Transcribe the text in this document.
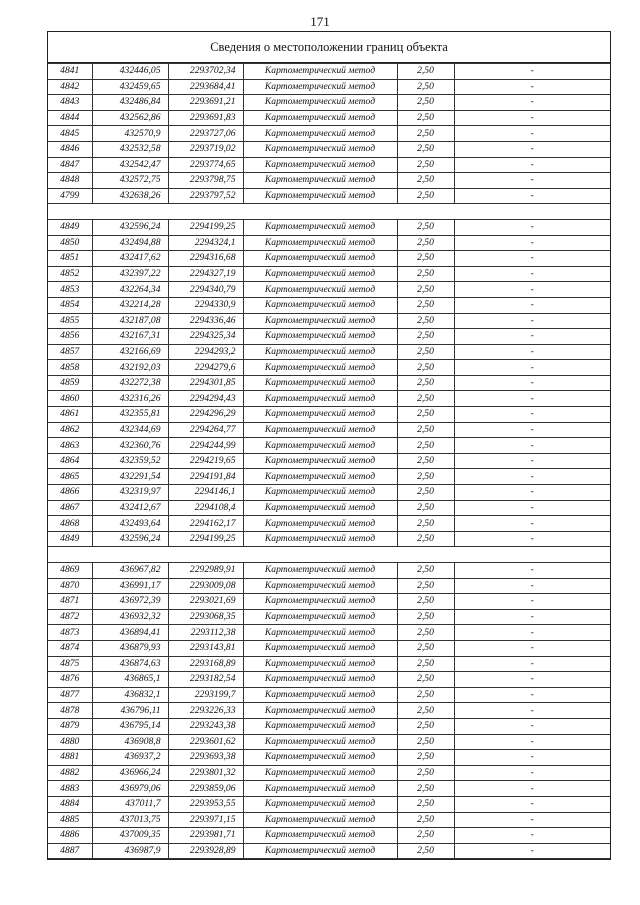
171
Сведения о местоположении границ объекта
4841	432446,05	2293702,34	Картометрический метод	2,50	-
4842	432459,65	2293684,41	Картометрический метод	2,50	-
4843	432486,84	2293691,21	Картометрический метод	2,50	-
4844	432562,86	2293691,83	Картометрический метод	2,50	-
4845	432570,9	2293727,06	Картометрический метод	2,50	-
4846	432532,58	2293719,02	Картометрический метод	2,50	-
4847	432542,47	2293774,65	Картометрический метод	2,50	-
4848	432572,75	2293798,75	Картометрический метод	2,50	-
4799	432638,26	2293797,52	Картометрический метод	2,50	-

4849	432596,24	2294199,25	Картометрический метод	2,50	-
4850	432494,88	2294324,1	Картометрический метод	2,50	-
4851	432417,62	2294316,68	Картометрический метод	2,50	-
4852	432397,22	2294327,19	Картометрический метод	2,50	-
4853	432264,34	2294340,79	Картометрический метод	2,50	-
4854	432214,28	2294330,9	Картометрический метод	2,50	-
4855	432187,08	2294336,46	Картометрический метод	2,50	-
4856	432167,31	2294325,34	Картометрический метод	2,50	-
4857	432166,69	2294293,2	Картометрический метод	2,50	-
4858	432192,03	2294279,6	Картометрический метод	2,50	-
4859	432272,38	2294301,85	Картометрический метод	2,50	-
4860	432316,26	2294294,43	Картометрический метод	2,50	-
4861	432355,81	2294296,29	Картометрический метод	2,50	-
4862	432344,69	2294264,77	Картометрический метод	2,50	-
4863	432360,76	2294244,99	Картометрический метод	2,50	-
4864	432359,52	2294219,65	Картометрический метод	2,50	-
4865	432291,54	2294191,84	Картометрический метод	2,50	-
4866	432319,97	2294146,1	Картометрический метод	2,50	-
4867	432412,67	2294108,4	Картометрический метод	2,50	-
4868	432493,64	2294162,17	Картометрический метод	2,50	-
4849	432596,24	2294199,25	Картометрический метод	2,50	-

4869	436967,82	2292989,91	Картометрический метод	2,50	-
4870	436991,17	2293009,08	Картометрический метод	2,50	-
4871	436972,39	2293021,69	Картометрический метод	2,50	-
4872	436932,32	2293068,35	Картометрический метод	2,50	-
4873	436894,41	2293112,38	Картометрический метод	2,50	-
4874	436879,93	2293143,81	Картометрический метод	2,50	-
4875	436874,63	2293168,89	Картометрический метод	2,50	-
4876	436865,1	2293182,54	Картометрический метод	2,50	-
4877	436832,1	2293199,7	Картометрический метод	2,50	-
4878	436796,11	2293226,33	Картометрический метод	2,50	-
4879	436795,14	2293243,38	Картометрический метод	2,50	-
4880	436908,8	2293601,62	Картометрический метод	2,50	-
4881	436937,2	2293693,38	Картометрический метод	2,50	-
4882	436966,24	2293801,32	Картометрический метод	2,50	-
4883	436979,06	2293859,06	Картометрический метод	2,50	-
4884	437011,7	2293953,55	Картометрический метод	2,50	-
4885	437013,75	2293971,15	Картометрический метод	2,50	-
4886	437009,35	2293981,71	Картометрический метод	2,50	-
4887	436987,9	2293928,89	Картометрический метод	2,50	-
